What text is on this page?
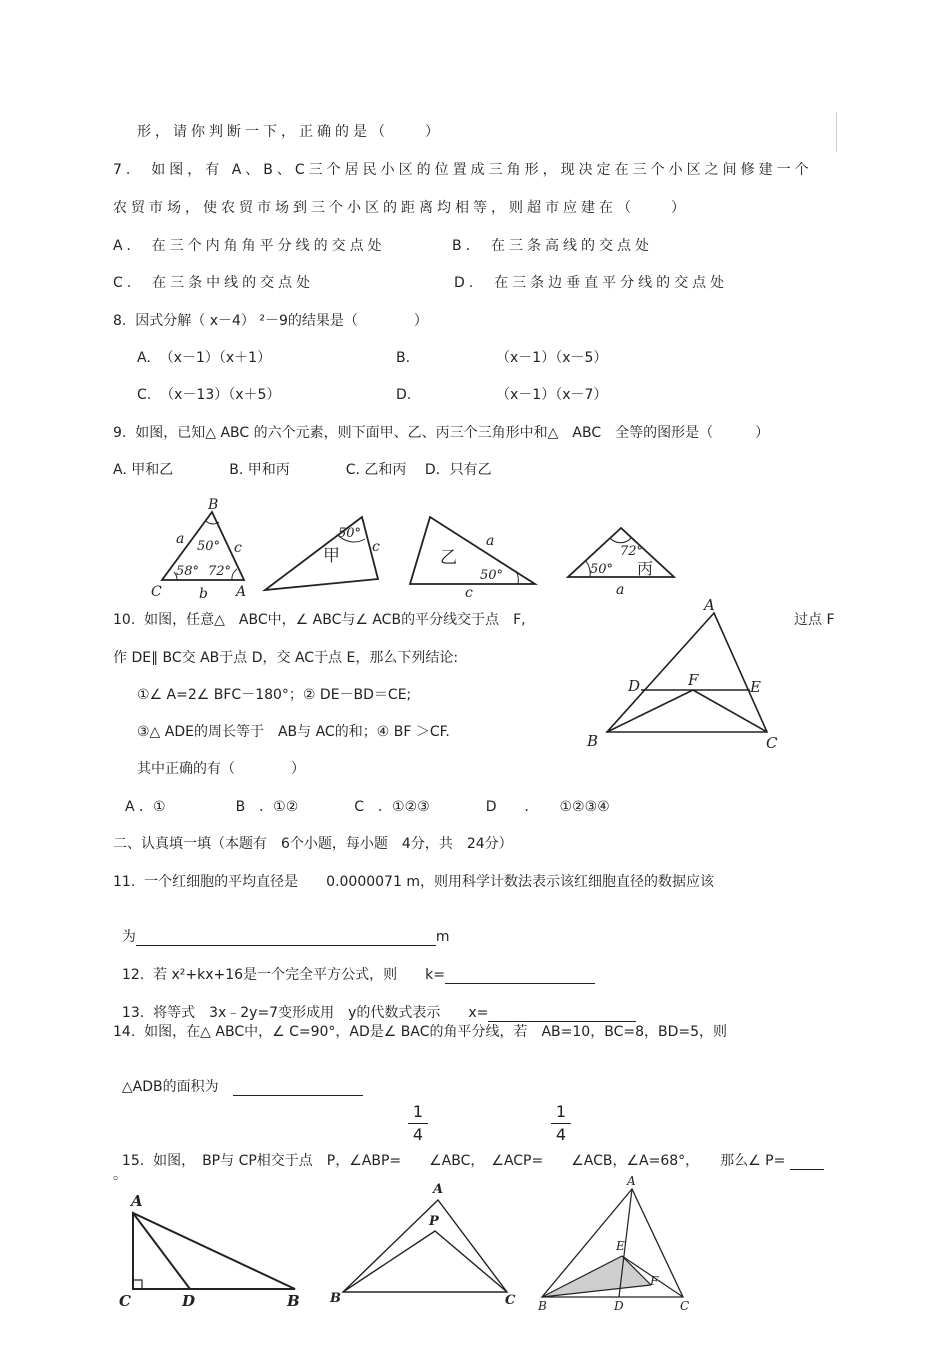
形，请你判断一下，正确的是（　　）
7.  如图，有 A、B、C三个居民小区的位置成三角形，现决定在三个小区之间修建一个
农贸市场，使农贸市场到三个小区的距离均相等，则超市应建在（　　）
A.  在三个内角角平分线的交点处	B.  在三条高线的交点处
C.  在三条中线的交点处	D.  在三条边垂直平分线的交点处
8.  因式分解（ x－4） ²－9的结果是（　　　　）
A.  （x－1）（x＋1）	B.	（x－1）（x－5）
C.  （x－13）（x＋5）	D.	（x－1）（x－7）
9.  如图，已知△ ABC 的六个元素，则下面甲、乙、丙三个三角形中和△　ABC　全等的图形是（　　　）
A. 甲和乙　　　　B. 甲和丙　　　　C. 乙和丙　 D．只有乙
B
C	A
a
b
c
50°
58° 72°
50°
甲 c
乙
a
50°
c
72°
50° 丙
a
10.  如图，任意△　ABC中，∠ ABC与∠ ACB的平分线交于点　F,	过点 F
作 DE∥ BC交 AB于点 D，交 AC于点 E，那么下列结论:
①∠ A=2∠ BFC－180°；② DE－BD＝CE;
③△ ADE的周长等于　AB与 AC的和；④ BF ＞CF.
其中正确的有（　　　　）
A ．①　　　　　B　．①②　　　　C　．①②③　　　　D　　．　　①②③④
A
B	C
D	E
F
二、认真填一填（本题有　6个小题，每小题　4分，共　24分）
11.  一个红细胞的平均直径是　　0.0000071 m，则用科学计数法表示该红细胞直径的数据应该

为	m

12.  若 x²+kx+16是一个完全平方公式，则　　k=

13.  将等式　3x﹣2y=7变形成用　y的代数式表示　　x=

14.  如图，在△ ABC中，∠ C=90°，AD是∠ BAC的角平分线，若　AB=10，BC=8，BD=5，则

△ADB的面积为　

1
4
1
4

15.  如图，　BP与 CP相交于点　P，∠ABP=　　∠ABC，　∠ACP=　　∠ACB，∠A=68°，　　那么∠ P=

。
A
C	D	B
A
P
B	C
A
E
F
B	D	C
